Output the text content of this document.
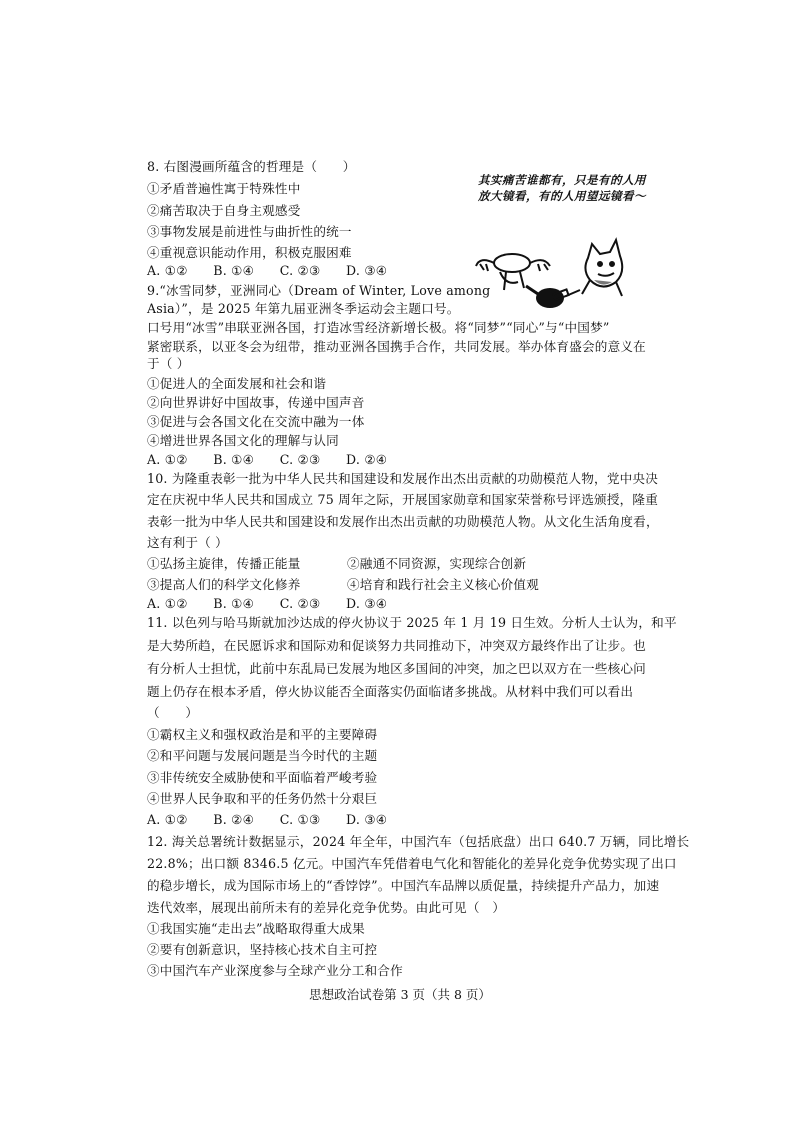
8. 右图漫画所蕴含的哲理是（　　）
①矛盾普遍性寓于特殊性中
②痛苦取决于自身主观感受
③事物发展是前进性与曲折性的统一
④重视意识能动作用，积极克服困难
A. ①②　　B. ①④　　C. ②③　　D. ③④
其实痛苦谁都有，只是有的人用放大镜看，有的人用望远镜看～
9.“冰雪同梦，亚洲同心（Dream of Winter, Love among
Asia）”，是 2025 年第九届亚洲冬季运动会主题口号。
口号用“冰雪”串联亚洲各国，打造冰雪经济新增长极。将“同梦”“同心”与“中国梦”
紧密联系，以亚冬会为纽带，推动亚洲各国携手合作，共同发展。举办体育盛会的意义在
于（ ）
①促进人的全面发展和社会和谐
②向世界讲好中国故事，传递中国声音
③促进与会各国文化在交流中融为一体
④增进世界各国文化的理解与认同
A. ①②　　B. ①④　　C. ②③　　D. ②④
10. 为隆重表彰一批为中华人民共和国建设和发展作出杰出贡献的功勋模范人物，党中央决
定在庆祝中华人民共和国成立 75 周年之际，开展国家勋章和国家荣誉称号评选颁授，隆重
表彰一批为中华人民共和国建设和发展作出杰出贡献的功勋模范人物。从文化生活角度看，
这有利于（ ）
①弘扬主旋律，传播正能量	②融通不同资源，实现综合创新
③提高人们的科学文化修养	④培育和践行社会主义核心价值观
A. ①②　　B. ①④　　C. ②③　　D. ③④
11. 以色列与哈马斯就加沙达成的停火协议于 2025 年 1 月 19 日生效。分析人士认为，和平
是大势所趋，在民愿诉求和国际劝和促谈努力共同推动下，冲突双方最终作出了让步。也
有分析人士担忧，此前中东乱局已发展为地区多国间的冲突，加之巴以双方在一些核心问
题上仍存在根本矛盾，停火协议能否全面落实仍面临诸多挑战。从材料中我们可以看出
（　　）
①霸权主义和强权政治是和平的主要障碍
②和平问题与发展问题是当今时代的主题
③非传统安全威胁使和平面临着严峻考验
④世界人民争取和平的任务仍然十分艰巨
A. ①②　　B. ②④　　C. ①③　　D. ③④
12. 海关总署统计数据显示，2024 年全年，中国汽车（包括底盘）出口 640.7 万辆，同比增长
22.8%；出口额 8346.5 亿元。中国汽车凭借着电气化和智能化的差异化竞争优势实现了出口
的稳步增长，成为国际市场上的“香饽饽”。中国汽车品牌以质促量，持续提升产品力，加速
迭代效率，展现出前所未有的差异化竞争优势。由此可见（　）
①我国实施“走出去”战略取得重大成果
②要有创新意识，坚持核心技术自主可控
③中国汽车产业深度参与全球产业分工和合作
思想政治试卷第 3 页（共 8 页）
